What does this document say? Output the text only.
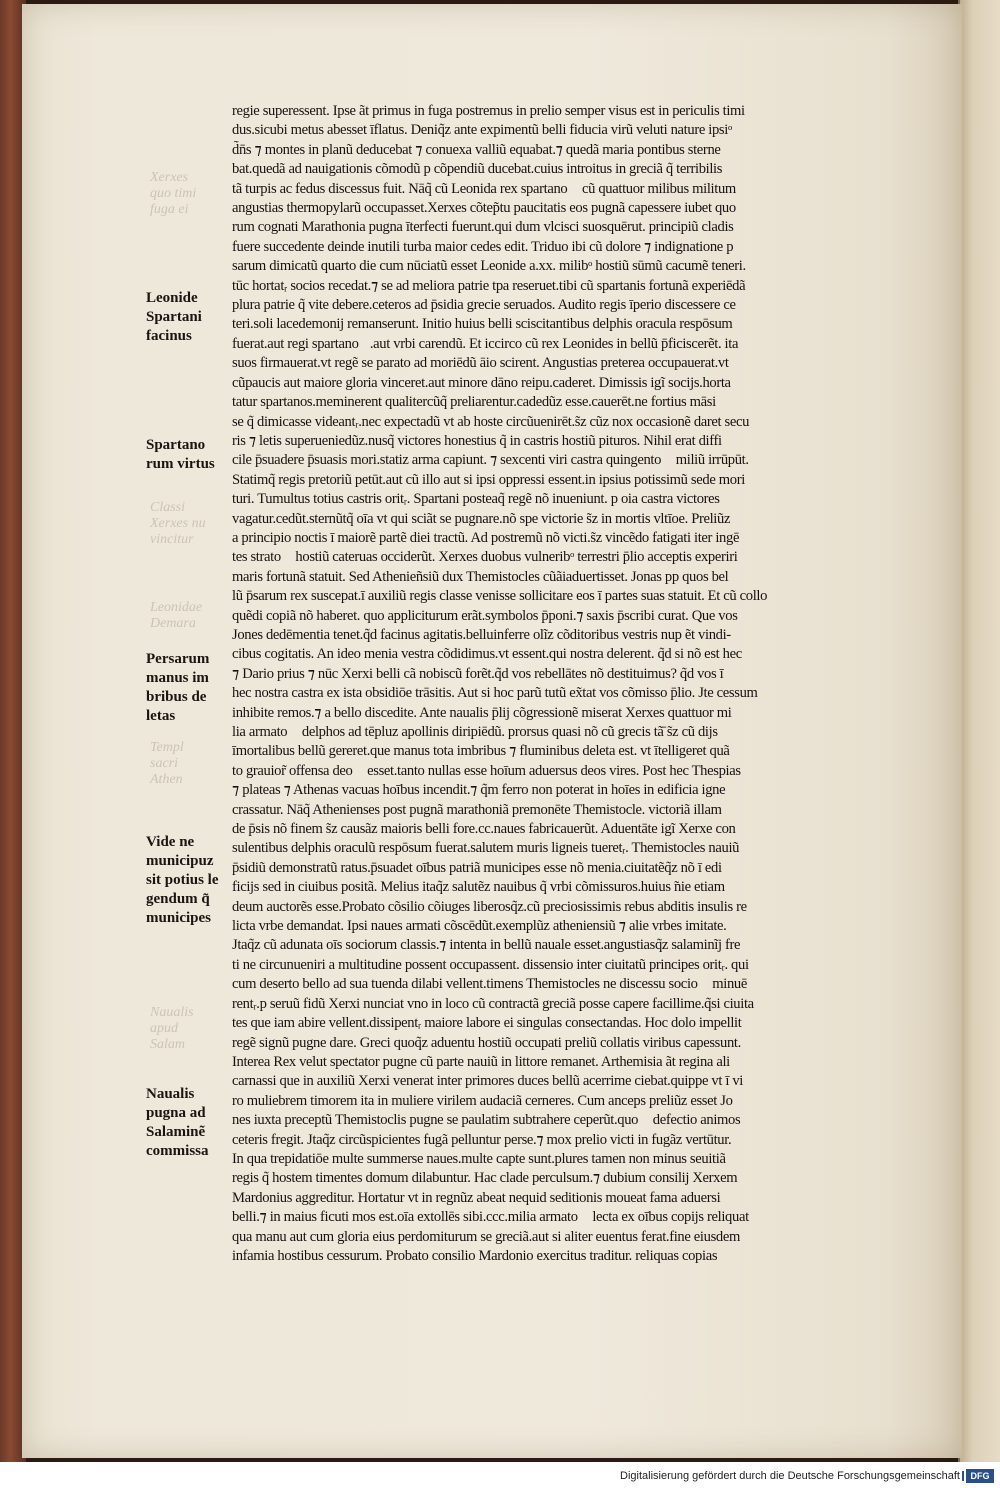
Xerxes
quo timi
fuga ei
Classi
Xerxes nu
vincitur
Leonidae
Demara
Templ
sacri
Athen
Naualis
apud
Salam
Leonide
Spartani
facinus
Spartano
rum virtus
Persarum
manus im
bribus de
letas
Vide ne
municipuz
sit potius le
gendum q̃
municipes
Naualis
pugna ad
Salaminẽ
commissa
regie superessent. Ipse ãt primus in fuga postremus in prelio semper visus est in periculis timi
dus.sicubi metus abesset īflatus. Deniq̃z ante expimentũ belli fiducia virũ veluti nature ipsiᵒ
d̃n̄s ⁊ montes in planũ deducebat ⁊ conuexa valliũ equabat.⁊ quedã maria pontibus sterne
bat.quedã ad nauigationis cõmodũ p cõpendiũ ducebat.cuius introitus in greciã q̃ terribilis
tã turpis ac fedus discessus fuit. Nāq̃ cũ Leonida rex spartano᷑ cũ quattuor milibus militum
angustias thermopylarũ occupasset.Xerxes cõtep̃tu paucitatis eos pugnã capessere iubet quo
rum cognati Marathonia pugna īterfecti fuerunt.qui dum vlcisci suosquērut. principiũ cladis
fuere succedente deinde inutili turba maior cedes edit. Triduo ibi cũ dolore ⁊ indignatione p
sarum dimicatũ quarto die cum nūciatũ esset Leonide a.xx. milibᵒ hostiũ sūmũ cacumẽ teneri.
tūc hortatᵣ socios recedat.⁊ se ad meliora patrie tpa reseruet.tibi cũ spartanis fortunã experiēdã
plura patrie q̃ vite debere.ceteros ad p̄sidia grecie seruados. Audito regis īperio discessere ce
teri.soli lacedemonij remanserunt. Initio huius belli sciscitantibus delphis oracula respōsum
fuerat.aut regi spartano᷑.aut vrbi carendũ. Et iccirco cũ rex Leonides in bellũ p̄ficiscerẽt. ita
suos firmauerat.vt regẽ se parato ad moriēdũ āio scirent. Angustias preterea occupauerat.vt
cũpaucis aut maiore gloria vinceret.aut minore dāno reipu.caderet. Dimissis igĩ socijs.horta
tatur spartanos.meminerent qualitercũq̃ preliarentur.cadedũz esse.cauerēt.ne fortius māsi
se q̃ dimicasse videantᵣ.nec expectadũ vt ab hoste circũuenirēt.s̃z cũz nox occasionẽ daret secu
ris ⁊ letis superueniedũz.nusq̃ victores honestius q̃ in castris hostiũ pituros. Nihil erat diffi
cile p̄suadere p̄suasis mori.statiz arma capiunt. ⁊ sexcenti viri castra quingento᷑ miliũ irrūpūt.
Statimq̃ regis pretoriũ petūt.aut cũ illo aut si ipsi oppressi essent.in ipsius potissimũ sede mori
turi. Tumultus totius castris oritᵣ. Spartani posteaq̃ regẽ nõ inueniunt. p oia castra victores
vagatur.cedũt.sternũtq̃ oīa vt qui sciãt se pugnare.nõ spe victorie s̃z in mortis vltīoe. Preliũz
a principio noctis ī maiorẽ partẽ diei tractũ. Ad postremũ nõ victi.s̃z vincẽdo fatigati iter ingē
tes strato᷑ hostiũ cateruas occiderũt. Xerxes duobus vulneribᵒ terrestri p̄lio acceptis experiri
maris fortunã statuit. Sed Athenieñsiũ dux Themistocles cũãiaduertisset. Jonas pp quos bel
lũ p̄sarum rex suscepat.ī auxiliũ regis classe venisse sollicitare eos ī partes suas statuit. Et cũ collo
quẽdi copiã nõ haberet. quo appliciturum erãt.symbolos p̄poni.⁊ saxis p̄scribi curat. Que vos
Jones dedēmentia tenet.q̃d facinus agitatis.belluinferre olĩz cõditoribus vestris nup ẽt vindi-
cibus cogitatis. An ideo menia vestra cõdidimus.vt essent.qui nostra delerent. q̃d si nõ est hec
⁊ Dario prius ⁊ nūc Xerxi belli cã nobiscũ forẽt.q̃d vos rebellātes nõ destituimus? q̃d vos ī
hec nostra castra ex ista obsidiōe trāsitis. Aut si hoc parũ tutũ ex̃tat vos cõmisso p̄lio. Jte cessum
inhibite remos.⁊ a bello discedite. Ante naualis p̄lij cõgressionẽ miserat Xerxes quattuor mi
lia armato᷑ delphos ad tēpluz apollinis diripiēdũ. prorsus quasi nõ cũ grecis tã̄ s̃z cũ dijs
īmortalibus bellũ gereret.que manus tota imbribus ⁊ fluminibus deleta est. vt ītelligeret quã
to grauior̃ offensa deo᷑ esset.tanto nullas esse hoīum aduersus deos vires. Post hec Thespias
⁊ plateas ⁊ Athenas vacuas hoībus incendit.⁊ q̃m ferro non poterat in hoīes in edificia igne
crassatur. Nāq̃ Athenienses post pugnã marathoniã premonēte Themistocle. victoriã illam
de p̄sis nõ finem s̃z causãz maioris belli fore.cc.naues fabricauerũt. Aduentāte igĩ Xerxe con
sulentibus delphis oraculũ respōsum fuerat.salutem muris ligneis tueretᵣ. Themistocles nauiũ
p̄sidiũ demonstratũ ratus.p̄suadet oībus patriã municipes esse nõ menia.ciuitatẽq̃z nõ ī edi
ficijs sed in ciuibus positã. Melius itaq̃z salutẽz nauibus q̃ vrbi cõmissuros.huius ̃nie etiam
deum auctorẽs esse.Probato cõsilio cõiuges liberosq̃z.cũ preciosissimis rebus abditis insulis re
licta vrbe demandat. Ipsi naues armati cõscēdũt.exemplũz atheniensiũ ⁊ alie vrbes imitate.
Jtaq̃z cũ adunata oīs sociorum classis.⁊ intenta in bellũ nauale esset.angustiasq̃z salaminĩj fre
ti ne circunueniri a multitudine possent occupassent. dissensio inter ciuitatũ principes oritᵣ. qui
cum deserto bello ad sua tuenda dilabi vellent.timens Themistocles ne discessu socio᷑ minuē
rentᵣ.p seruũ fidũ Xerxi nunciat vno in loco cũ contractã greciã posse capere facillime.q̃si ciuita
tes que iam abire vellent.dissipentᵣ maiore labore ei singulas consectandas. Hoc dolo impellit
regẽ signũ pugne dare. Greci quoq̃z aduentu hostiũ occupati preliũ collatis viribus capessunt.
Interea Rex velut spectator pugne cũ parte nauiũ in littore remanet. Arthemisia ãt regina ali
carnassi que in auxiliũ Xerxi venerat inter primores duces bellũ acerrime ciebat.quippe vt ī vi
ro muliebrem timorem ita in muliere virilem audaciã cerneres. Cum anceps preliũz esset Jo
nes iuxta preceptũ Themistoclis pugne se paulatim subtrahere ceperũt.quo᷑ defectio animos
ceteris fregit. Jtaq̃z circũspicientes fugã pelluntur perse.⁊ mox prelio victi in fugãz vertūtur.
In qua trepidatiōe multe summerse naues.multe capte sunt.plures tamen non minus seuitiã
regis q̃ hostem timentes domum dilabuntur. Hac clade perculsum.⁊ dubium consilij Xerxem
Mardonius aggreditur. Hortatur vt in regnũz abeat nequid seditionis moueat fama aduersi
belli.⁊ in maius ficuti mos est.oīa extollēs sibi.ccc.milia armato᷑ lecta ex oībus copijs reliquat
qua manu aut cum gloria eius perdomiturum se greciã.aut si aliter euentus ferat.fine eiusdem
infamia hostibus cessurum. Probato consilio Mardonio exercitus traditur. reliquas copias
Digitalisierung gefördert durch die Deutsche Forschungsgemeinschaft	DFG
